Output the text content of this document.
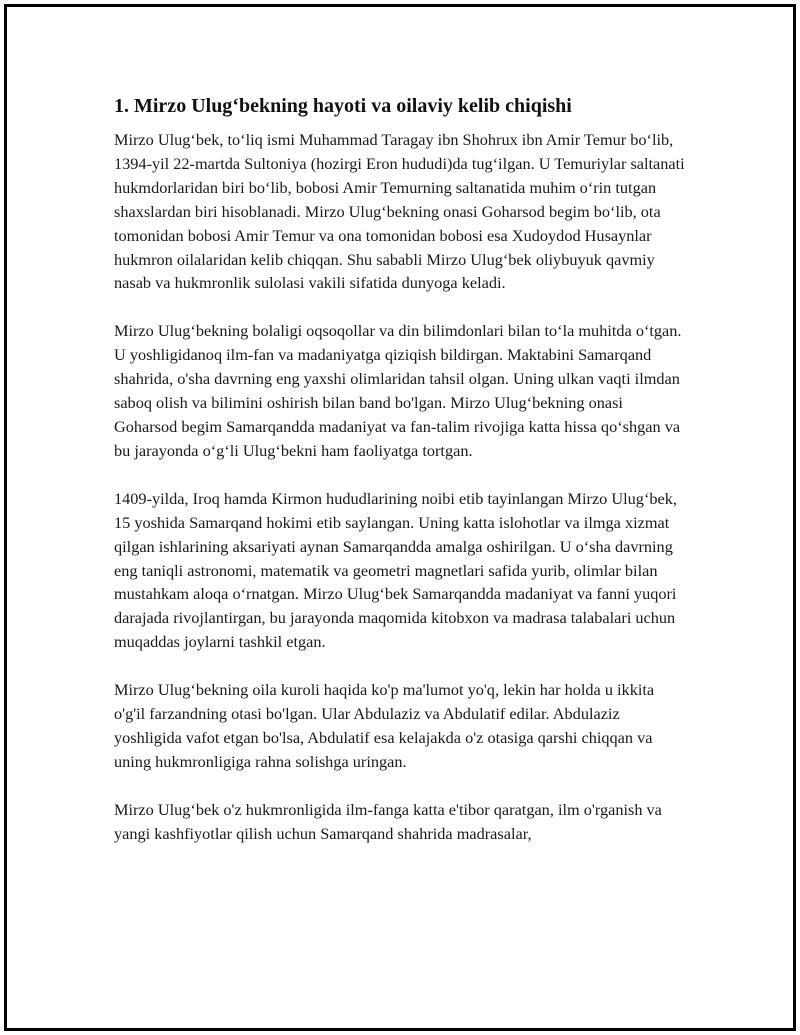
1. Mirzo Ulug‘bekning hayoti va oilaviy kelib chiqishi

Mirzo Ulug‘bek, to‘liq ismi Muhammad Taragay ibn Shohrux ibn Amir Temur bo‘lib, 1394-yil 22-martda Sultoniya (hozirgi Eron hududi)da tug‘ilgan. U Temuriylar saltanati hukmdorlaridan biri bo‘lib, bobosi Amir Temurning saltanatida muhim o‘rin tutgan shaxslardan biri hisoblanadi. Mirzo Ulug‘bekning onasi Goharsod begim bo‘lib, ota tomonidan bobosi Amir Temur va ona tomonidan bobosi esa Xudoydod Husaynlar hukmron oilalaridan kelib chiqqan. Shu sababli Mirzo Ulug‘bek oliybuyuk qavmiy nasab va hukmronlik sulolasi vakili sifatida dunyoga keladi.

Mirzo Ulug‘bekning bolaligi oqsoqollar va din bilimdonlari bilan to‘la muhitda o‘tgan. U yoshligidanoq ilm-fan va madaniyatga qiziqish bildirgan. Maktabini Samarqand shahrida, o'sha davrning eng yaxshi olimlaridan tahsil olgan. Uning ulkan vaqti ilmdan saboq olish va bilimini oshirish bilan band bo'lgan. Mirzo Ulug‘bekning onasi Goharsod begim Samarqandda madaniyat va fan-talim rivojiga katta hissa qo‘shgan va bu jarayonda o‘g‘li Ulug‘bekni ham faoliyatga tortgan.

1409-yilda, Iroq hamda Kirmon hududlarining noibi etib tayinlangan Mirzo Ulug‘bek, 15 yoshida Samarqand hokimi etib saylangan. Uning katta islohotlar va ilmga xizmat qilgan ishlarining aksariyati aynan Samarqandda amalga oshirilgan. U o‘sha davrning eng taniqli astronomi, matematik va geometri magnetlari safida yurib, olimlar bilan mustahkam aloqa o‘rnatgan. Mirzo Ulug‘bek Samarqandda madaniyat va fanni yuqori darajada rivojlantirgan, bu jarayonda maqomida kitobxon va madrasa talabalari uchun muqaddas joylarni tashkil etgan.

Mirzo Ulug‘bekning oila kuroli haqida ko'p ma'lumot yo'q, lekin har holda u ikkita o'g'il farzandning otasi bo'lgan. Ular Abdulaziz va Abdulatif edilar. Abdulaziz yoshligida vafot etgan bo'lsa, Abdulatif esa kelajakda o'z otasiga qarshi chiqqan va uning hukmronligiga rahna solishga uringan.

Mirzo Ulug‘bek o'z hukmronligida ilm-fanga katta e'tibor qaratgan, ilm o'rganish va yangi kashfiyotlar qilish uchun Samarqand shahrida madrasalar,
